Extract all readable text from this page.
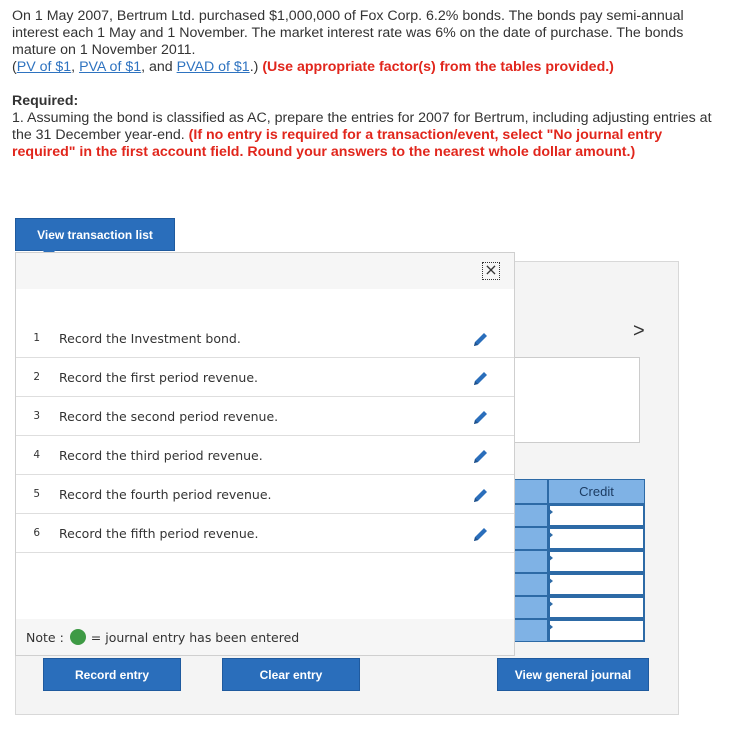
On 1 May 2007, Bertrum Ltd. purchased $1,000,000 of Fox Corp. 6.2% bonds. The bonds pay semi-annual interest each 1 May and 1 November. The market interest rate was 6% on the date of purchase. The bonds mature on 1 November 2011.

(PV of $1, PVA of $1, and PVAD of $1.) (Use appropriate factor(s) from the tables provided.)

Required:

1. Assuming the bond is classified as AC, prepare the entries for 2007 for Bertrum, including adjusting entries at the 31 December year-end. (If no entry is required for a transaction/event, select "No journal entry required" in the first account field. Round your answers to the nearest whole dollar amount.)

View transaction list
>
Credit
×
1 Record the Investment bond.
2 Record the first period revenue.
3 Record the second period revenue.
4 Record the third period revenue.
5 Record the fourth period revenue.
6 Record the fifth period revenue.
Note : = journal entry has been entered
Record entry	Clear entry	View general journal
